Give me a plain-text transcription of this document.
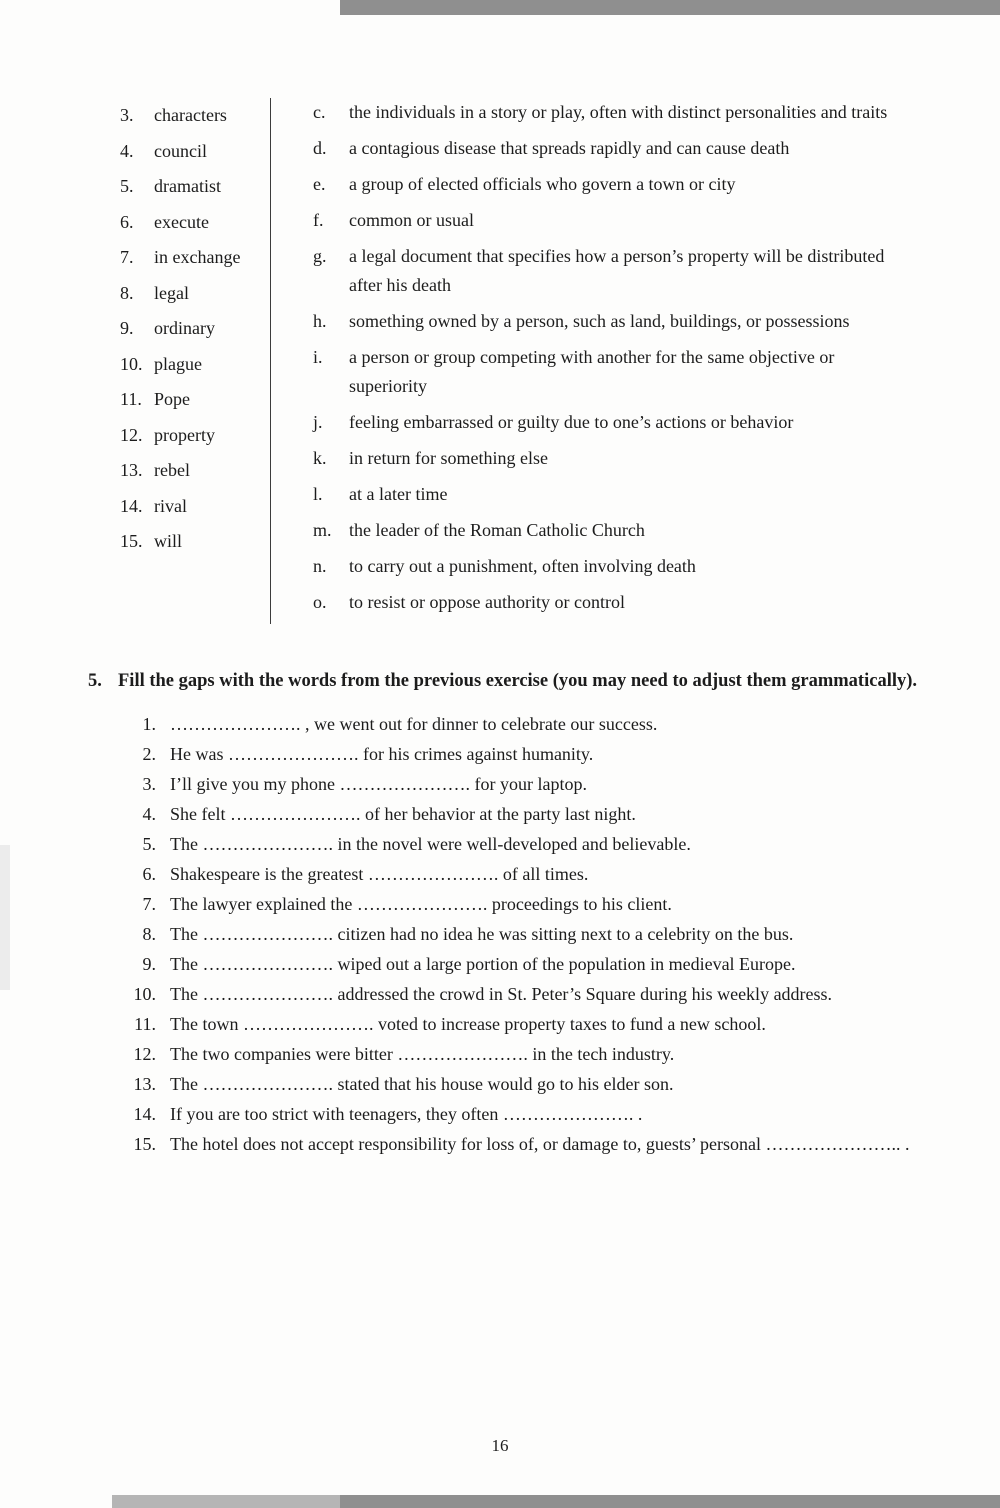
3.	characters
4.	council
5.	dramatist
6.	execute
7.	in exchange
8.	legal
9.	ordinary
10. plague
11. Pope
12. property
13. rebel
14. rival
15. will
c.	the individuals in a story or play, often with distinct personalities and traits
d.	a contagious disease that spreads rapidly and can cause death
e.	a group of elected officials who govern a town or city
f.	common or usual
g.	a legal document that specifies how a person’s property will be distributed after his death
h.	something owned by a person, such as land, buildings, or possessions
i.	a person or group competing with another for the same objective or superiority
j.	feeling embarrassed or guilty due to one’s actions or behavior
k.	in return for something else
l.	at a later time
m. the leader of the Roman Catholic Church
n.	to carry out a punishment, often involving death
o.	to resist or oppose authority or control
5. Fill the gaps with the words from the previous exercise (you may need to adjust them grammatically).
1. …………………. , we went out for dinner to celebrate our success.
2. He was …………………. for his crimes against humanity.
3. I’ll give you my phone …………………. for your laptop.
4. She felt …………………. of her behavior at the party last night.
5. The …………………. in the novel were well-developed and believable.
6. Shakespeare is the greatest …………………. of all times.
7. The lawyer explained the …………………. proceedings to his client.
8. The …………………. citizen had no idea he was sitting next to a celebrity on the bus.
9. The …………………. wiped out a large portion of the population in medieval Europe.
10. The …………………. addressed the crowd in St. Peter’s Square during his weekly address.
11. The town …………………. voted to increase property taxes to fund a new school.
12. The two companies were bitter …………………. in the tech industry.
13. The …………………. stated that his house would go to his elder son.
14. If you are too strict with teenagers, they often …………………. .
15. The hotel does not accept responsibility for loss of, or damage to, guests’ personal ………………….. .
16
